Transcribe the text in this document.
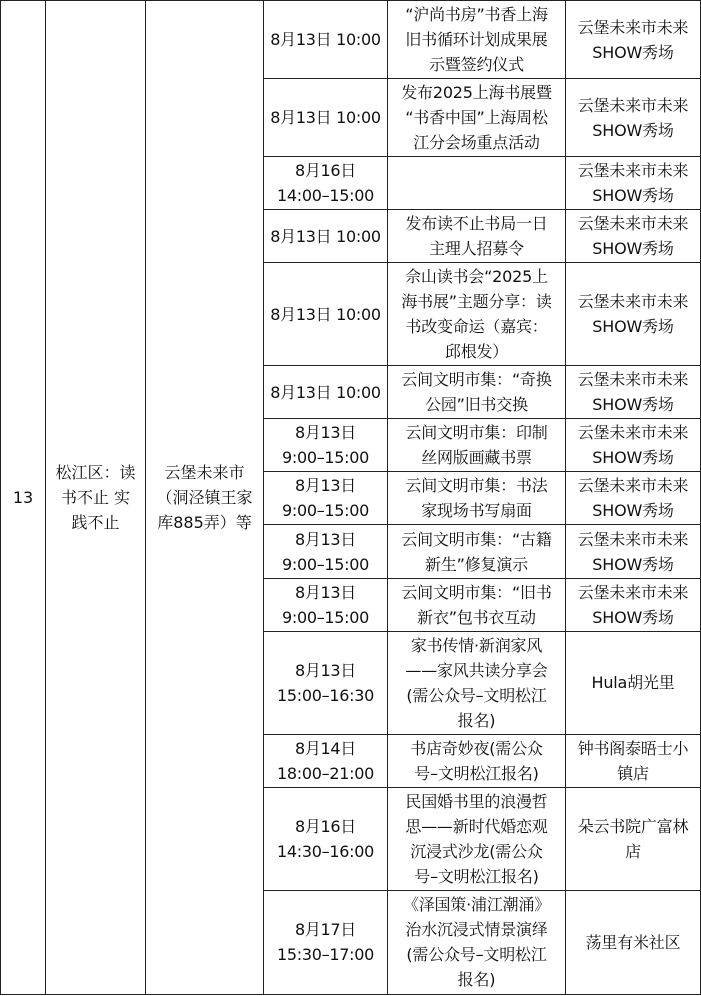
13	松江区：读
书不止 实
践不止	云堡未来市
（洞泾镇王家
库885弄）等	8月13日 10:00	“沪尚书房”书香上海
旧书循环计划成果展
示暨签约仪式	云堡未来市未来
SHOW秀场
			8月13日 10:00	发布2025上海书展暨
“书香中国”上海周松
江分会场重点活动	云堡未来市未来
SHOW秀场
			8月16日
14:00–15:00		云堡未来市未来
SHOW秀场
			8月13日 10:00	发布读不止书局一日
主理人招募令	云堡未来市未来
SHOW秀场
			8月13日 10:00	佘山读书会“2025上
海书展”主题分享：读
书改变命运（嘉宾：
邱根发）	云堡未来市未来
SHOW秀场
			8月13日 10:00	云间文明市集：“奇换
公园”旧书交换	云堡未来市未来
SHOW秀场
			8月13日
9:00–15:00	云间文明市集：印制
丝网版画藏书票	云堡未来市未来
SHOW秀场
			8月13日
9:00–15:00	云间文明市集：书法
家现场书写扇面	云堡未来市未来
SHOW秀场
			8月13日
9:00–15:00	云间文明市集：“古籍
新生”修复演示	云堡未来市未来
SHOW秀场
			8月13日
9:00–15:00	云间文明市集：“旧书
新衣”包书衣互动	云堡未来市未来
SHOW秀场
			8月13日
15:00–16:30	家书传情·新润家风
——家风共读分享会
(需公众号–文明松江
报名)	Hula胡光里
			8月14日
18:00–21:00	书店奇妙夜(需公众
号–文明松江报名)	钟书阁泰晤士小
镇店
			8月16日
14:30–16:00	民国婚书里的浪漫哲
思——新时代婚恋观
沉浸式沙龙(需公众
号–文明松江报名)	朵云书院广富林
店
			8月17日
15:30–17:00	《泽国策·浦江潮涌》
治水沉浸式情景演绎
(需公众号–文明松江
报名)	荡里有米社区
